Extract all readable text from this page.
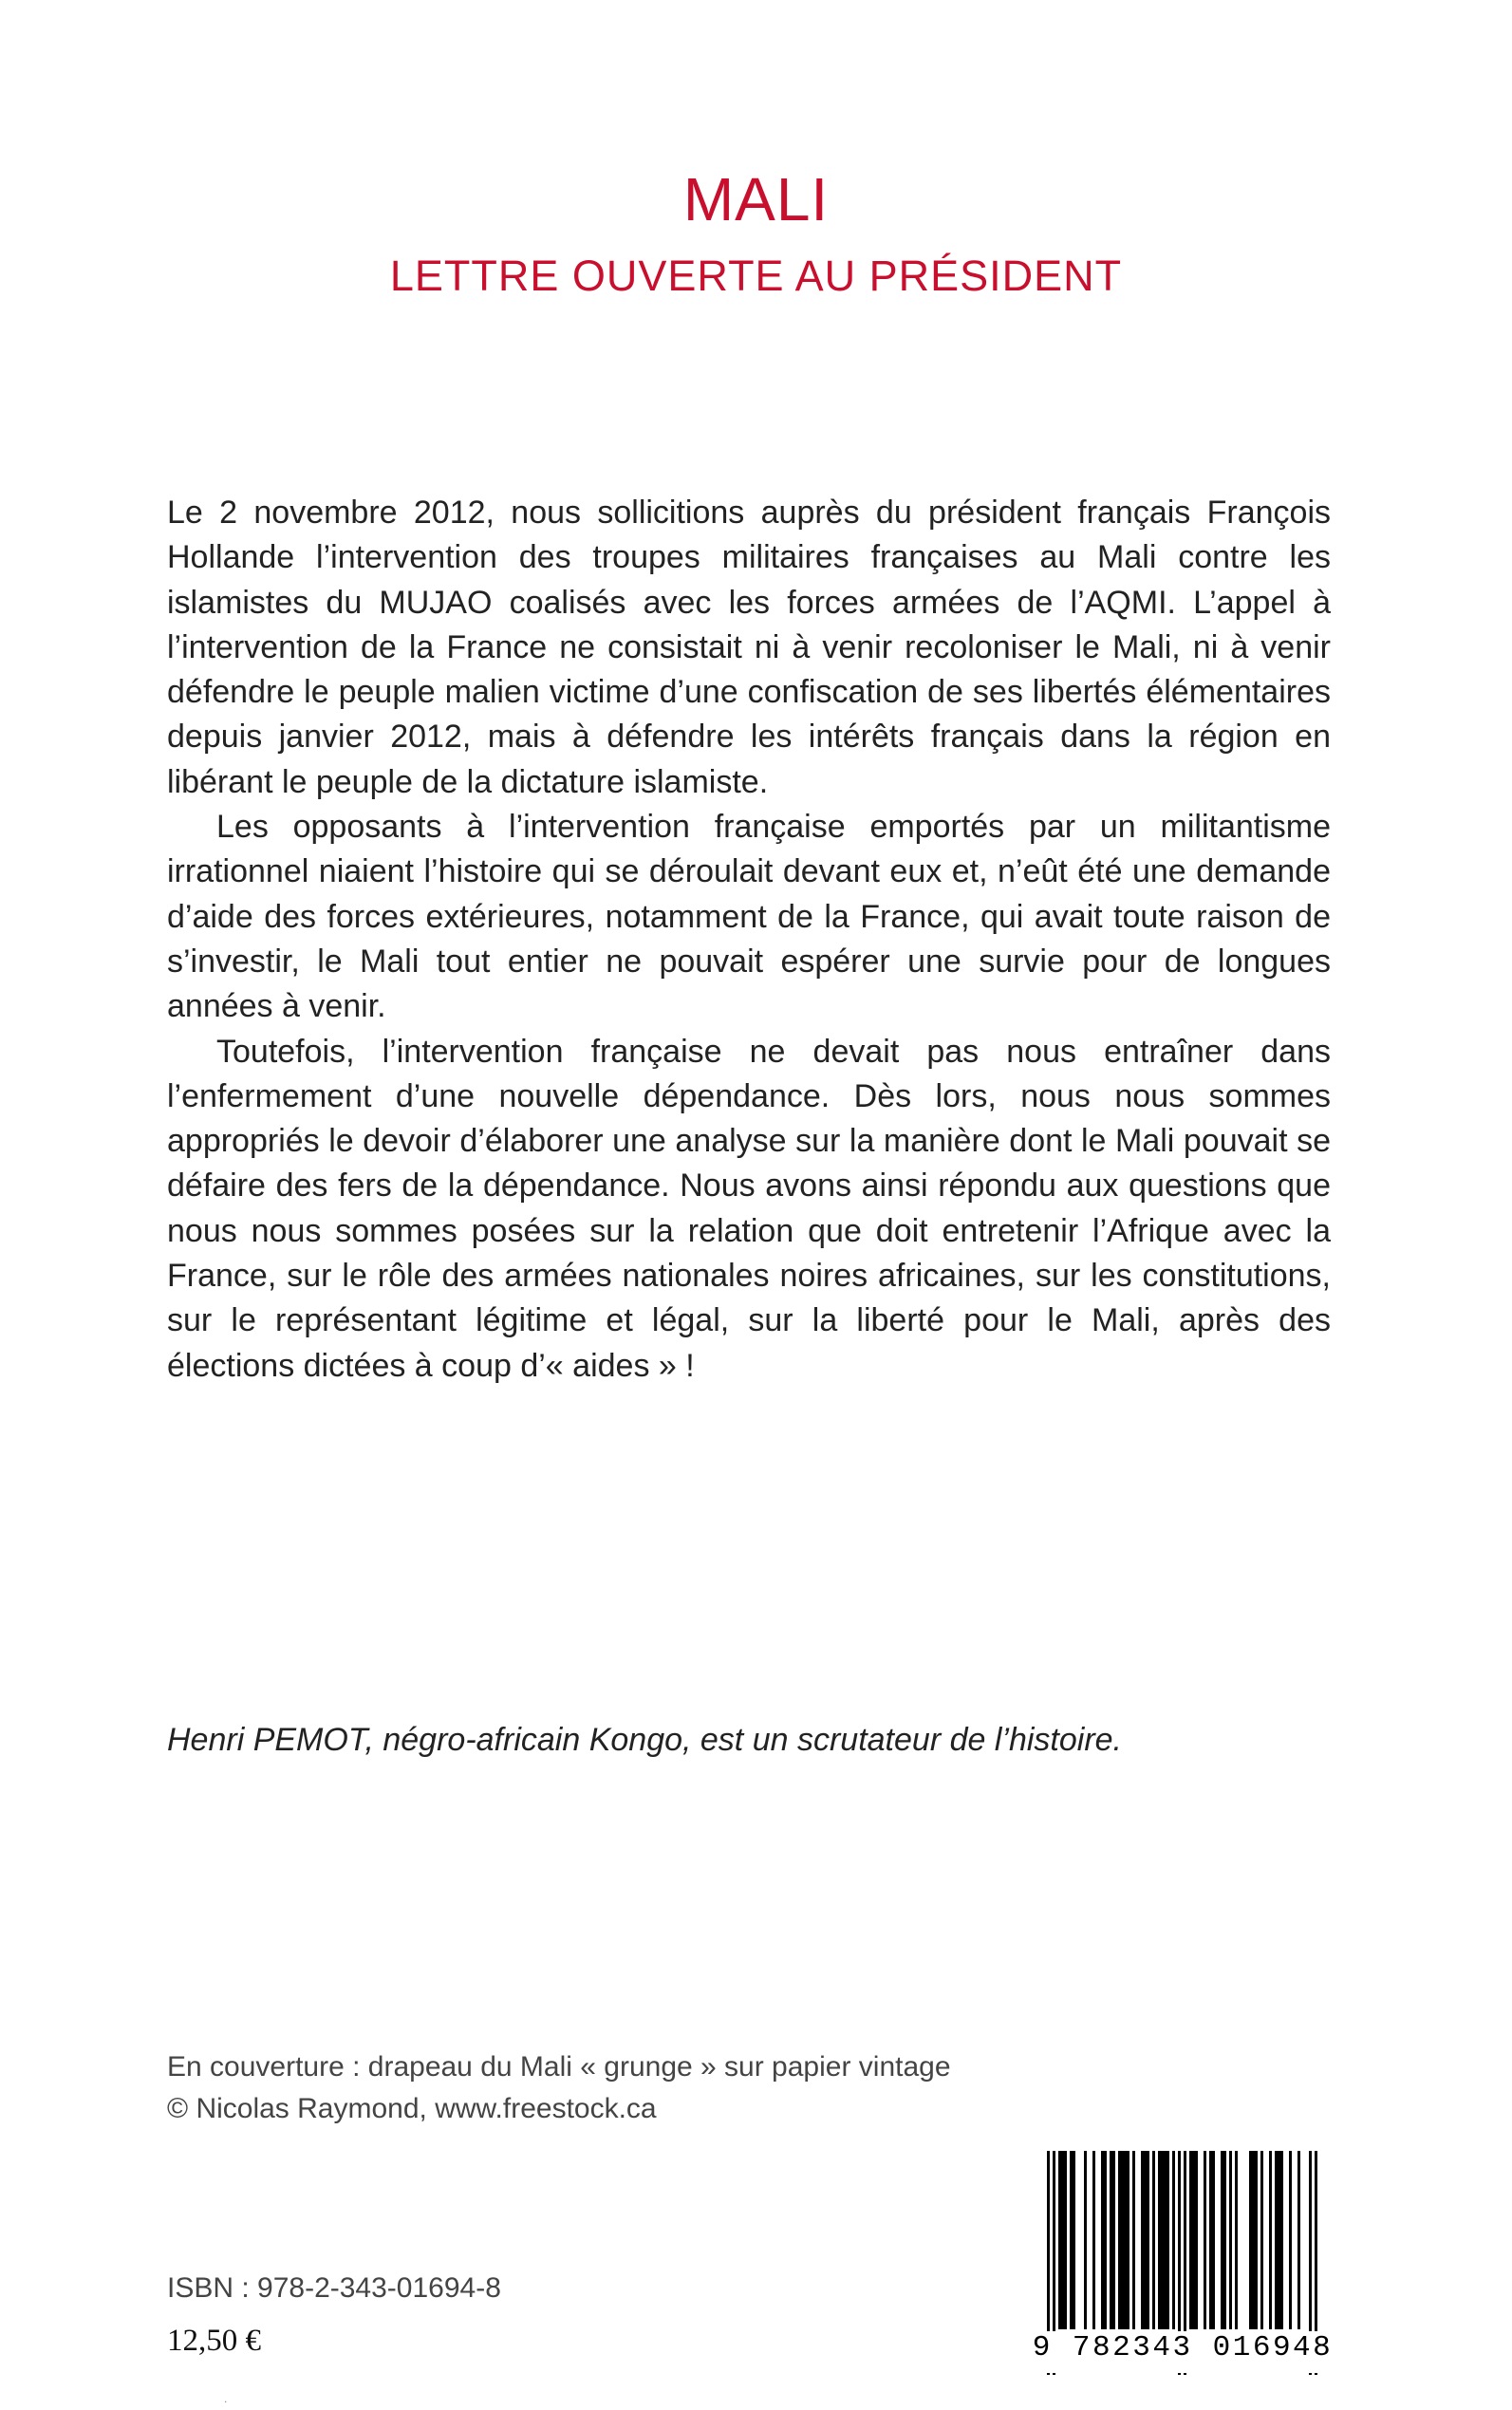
MALI
LETTRE OUVERTE AU PRÉSIDENT

Le 2 novembre 2012, nous sollicitions auprès du président français François Hollande l’intervention des troupes militaires françaises au Mali contre les islamistes du MUJAO coalisés avec les forces armées de l’AQMI. L’appel à l’intervention de la France ne consistait ni à venir recoloniser le Mali, ni à venir défendre le peuple malien victime d’une confiscation de ses libertés élémentaires depuis janvier 2012, mais à défendre les intérêts français dans la région en libérant le peuple de la dictature islamiste.

Les opposants à l’intervention française emportés par un militantisme irrationnel niaient l’histoire qui se déroulait devant eux et, n’eût été une demande d’aide des forces extérieures, notamment de la France, qui avait toute raison de s’investir, le Mali tout entier ne pouvait espérer une survie pour de longues années à venir.

Toutefois, l’intervention française ne devait pas nous entraîner dans l’enfermement d’une nouvelle dépendance. Dès lors, nous nous sommes appropriés le devoir d’élaborer une analyse sur la manière dont le Mali pouvait se défaire des fers de la dépendance. Nous avons ainsi répondu aux questions que nous nous sommes posées sur la relation que doit entretenir l’Afrique avec la France, sur le rôle des armées nationales noires africaines, sur les constitutions, sur le représentant légitime et légal, sur la liberté pour le Mali, après des élections dictées à coup d’« aides » !

Henri PEMOT, négro-africain Kongo, est un scrutateur de l’histoire.
En couverture : drapeau du Mali « grunge » sur papier vintage
© Nicolas Raymond, www.freestock.ca
ISBN : 978-2-343-01694-8
12,50 €
.
9 782343 016948
